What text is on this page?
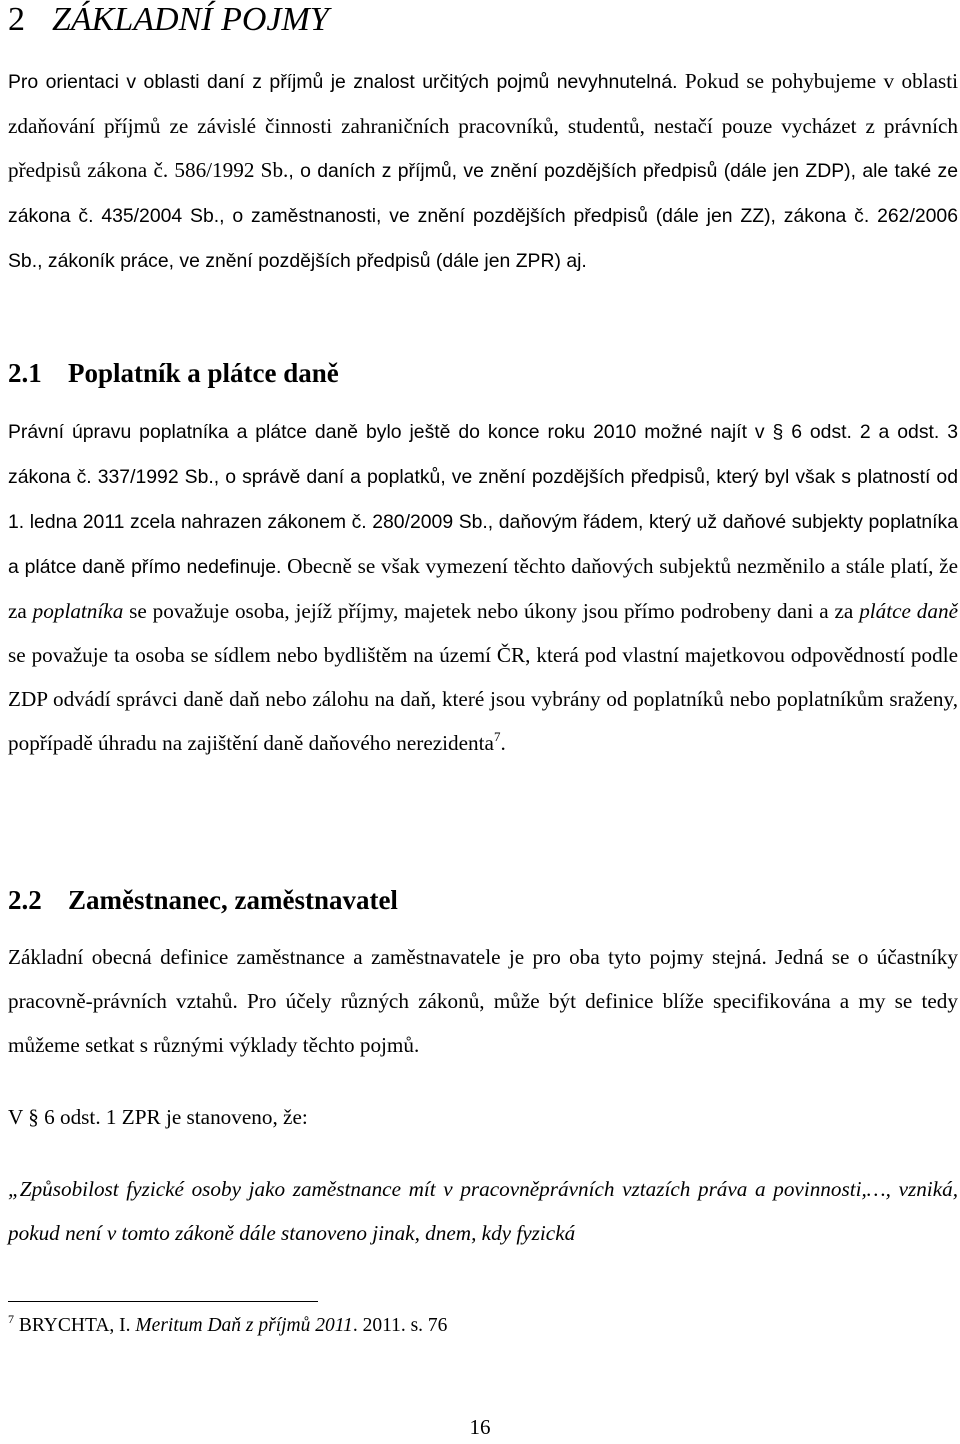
2 ZÁKLADNÍ POJMY

Pro orientaci v oblasti daní z příjmů je znalost určitých pojmů nevyhnutelná. Pokud se pohybujeme v oblasti zdaňování příjmů ze závislé činnosti zahraničních pracovníků, studentů, nestačí pouze vycházet z právních předpisů zákona č. 586/1992 Sb., o daních z příjmů, ve znění pozdějších předpisů (dále jen ZDP), ale také ze zákona č. 435/2004 Sb., o zaměstnanosti, ve znění pozdějších předpisů (dále jen ZZ), zákona č. 262/2006 Sb., zákoník práce, ve znění pozdějších předpisů (dále jen ZPR) aj.

2.1 Poplatník a plátce daně

Právní úpravu poplatníka a plátce daně bylo ještě do konce roku 2010 možné najít v § 6 odst. 2 a odst. 3 zákona č. 337/1992 Sb., o správě daní a poplatků, ve znění pozdějších předpisů, který byl však s platností od 1. ledna 2011 zcela nahrazen zákonem č. 280/2009 Sb., daňovým řádem, který už daňové subjekty poplatníka a plátce daně přímo nedefinuje. Obecně se však vymezení těchto daňových subjektů nezměnilo a stále platí, že za poplatníka se považuje osoba, jejíž příjmy, majetek nebo úkony jsou přímo podrobeny dani a za plátce daně se považuje ta osoba se sídlem nebo bydlištěm na území ČR, která pod vlastní majetkovou odpovědností podle ZDP odvádí správci daně daň nebo zálohu na daň, které jsou vybrány od poplatníků nebo poplatníkům sraženy, popřípadě úhradu na zajištění daně daňového nerezidenta$^7$.

2.2 Zaměstnanec, zaměstnavatel

Základní obecná definice zaměstnance a zaměstnavatele je pro oba tyto pojmy stejná. Jedná se o účastníky pracovně-právních vztahů. Pro účely různých zákonů, může být definice blíže specifikována a my se tedy můžeme setkat s různými výklady těchto pojmů.

V § 6 odst. 1 ZPR je stanoveno, že:

„Způsobilost fyzické osoby jako zaměstnance mít v pracovněprávních vztazích práva a povinnosti,…, vzniká, pokud není v tomto zákoně dále stanoveno jinak, dnem, kdy fyzická

$^7$ BRYCHTA, I. Meritum Daň z příjmů 2011. 2011. s. 76
16
